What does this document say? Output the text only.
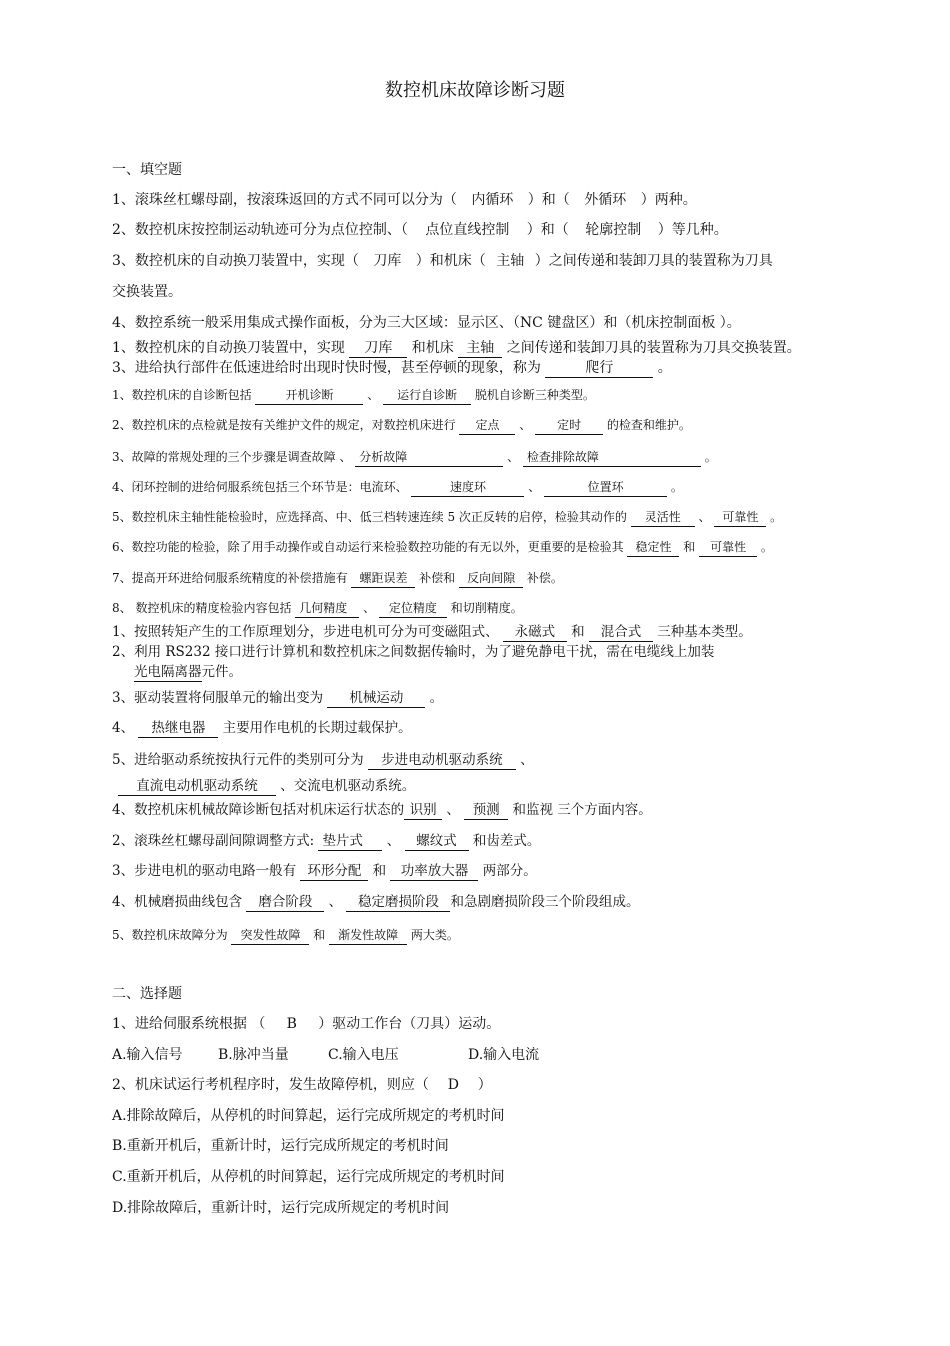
数控机床故障诊断习题
一、填空题
1、滚珠丝杠螺母副，按滚珠返回的方式不同可以分为（ 内循环 ）和（ 外循环 ）两种。
2、数控机床按控制运动轨迹可分为点位控制、（ 点位直线控制 ）和（ 轮廓控制 ）等几种。
3、数控机床的自动换刀装置中，实现（ 刀库 ）和机床（ 主轴 ）之间传递和装卸刀具的装置称为刀具
交换装置。
4、数控系统一般采用集成式操作面板，分为三大区域：显示区、（NC 键盘区）和（机床控制面板 ）。
1、数控机床的自动换刀装置中，实现 刀库 和机床 主轴 之间传递和装卸刀具的装置称为刀具交换装置。
3、进给执行部件在低速进给时出现时快时慢，甚至停顿的现象，称为	爬行	。
1、数控机床的自诊断包括 开机诊断	、 运行自诊断 脱机自诊断三种类型。
2、数控机床的点检就是按有关维护文件的规定，对数控机床进行 定点 、 定时 的检查和维护。
3、故障的常规处理的三个步骤是调查故障 、 分析故障	、 检查排除故障	。
4、闭环控制的进给伺服系统包括三个环节是：电流环、	速度环	、	位置环	。
5、数控机床主轴性能检验时，应选择高、中、低三档转速连续 5 次正反转的启停，检验其动作的 灵活性 、 可靠性 。
6、数控功能的检验，除了用手动操作或自动运行来检验数控功能的有无以外，更重要的是检验其 稳定性 和 可靠性 。
7、提高开环进给伺服系统精度的补偿措施有 螺距误差 补偿和 反向间隙 补偿。
8、 数控机床的精度检验内容包括 几何精度 、 定位精度 和切削精度。
1、按照转矩产生的工作原理划分，步进电机可分为可变磁阻式、 永磁式 和 混合式 三种基本类型。
2、利用 RS232 接口进行计算机和数控机床之间数据传输时，为了避免静电干扰，需在电缆线上加装
光电隔离器元件。
3、驱动装置将伺服单元的输出变为 机械运动 。
4、 热继电器 主要用作电机的长期过载保护。
5、进给驱动系统按执行元件的类别可分为 步进电动机驱动系统 、
直流电动机驱动系统 、交流电机驱动系统。
4、数控机床机械故障诊断包括对机床运行状态的 识别 、 预测 和监视 三个方面内容。
2、滚珠丝杠螺母副间隙调整方式: 垫片式 、 螺纹式 和齿差式。
3、步进电机的驱动电路一般有 环形分配 和 功率放大器 两部分。
4、机械磨损曲线包含 磨合阶段 、 稳定磨损阶段 和急剧磨损阶段三个阶段组成。
5、数控机床故障分为 突发性故障 和 渐发性故障 两大类。
二、选择题
1、进给伺服系统根据 （ B ）驱动工作台（刀具）运动。
A.输入信号	B.脉冲当量	C.输入电压	D.输入电流
2、机床试运行考机程序时，发生故障停机，则应（ D ）
A.排除故障后，从停机的时间算起，运行完成所规定的考机时间
B.重新开机后，重新计时，运行完成所规定的考机时间
C.重新开机后，从停机的时间算起，运行完成所规定的考机时间
D.排除故障后，重新计时，运行完成所规定的考机时间
